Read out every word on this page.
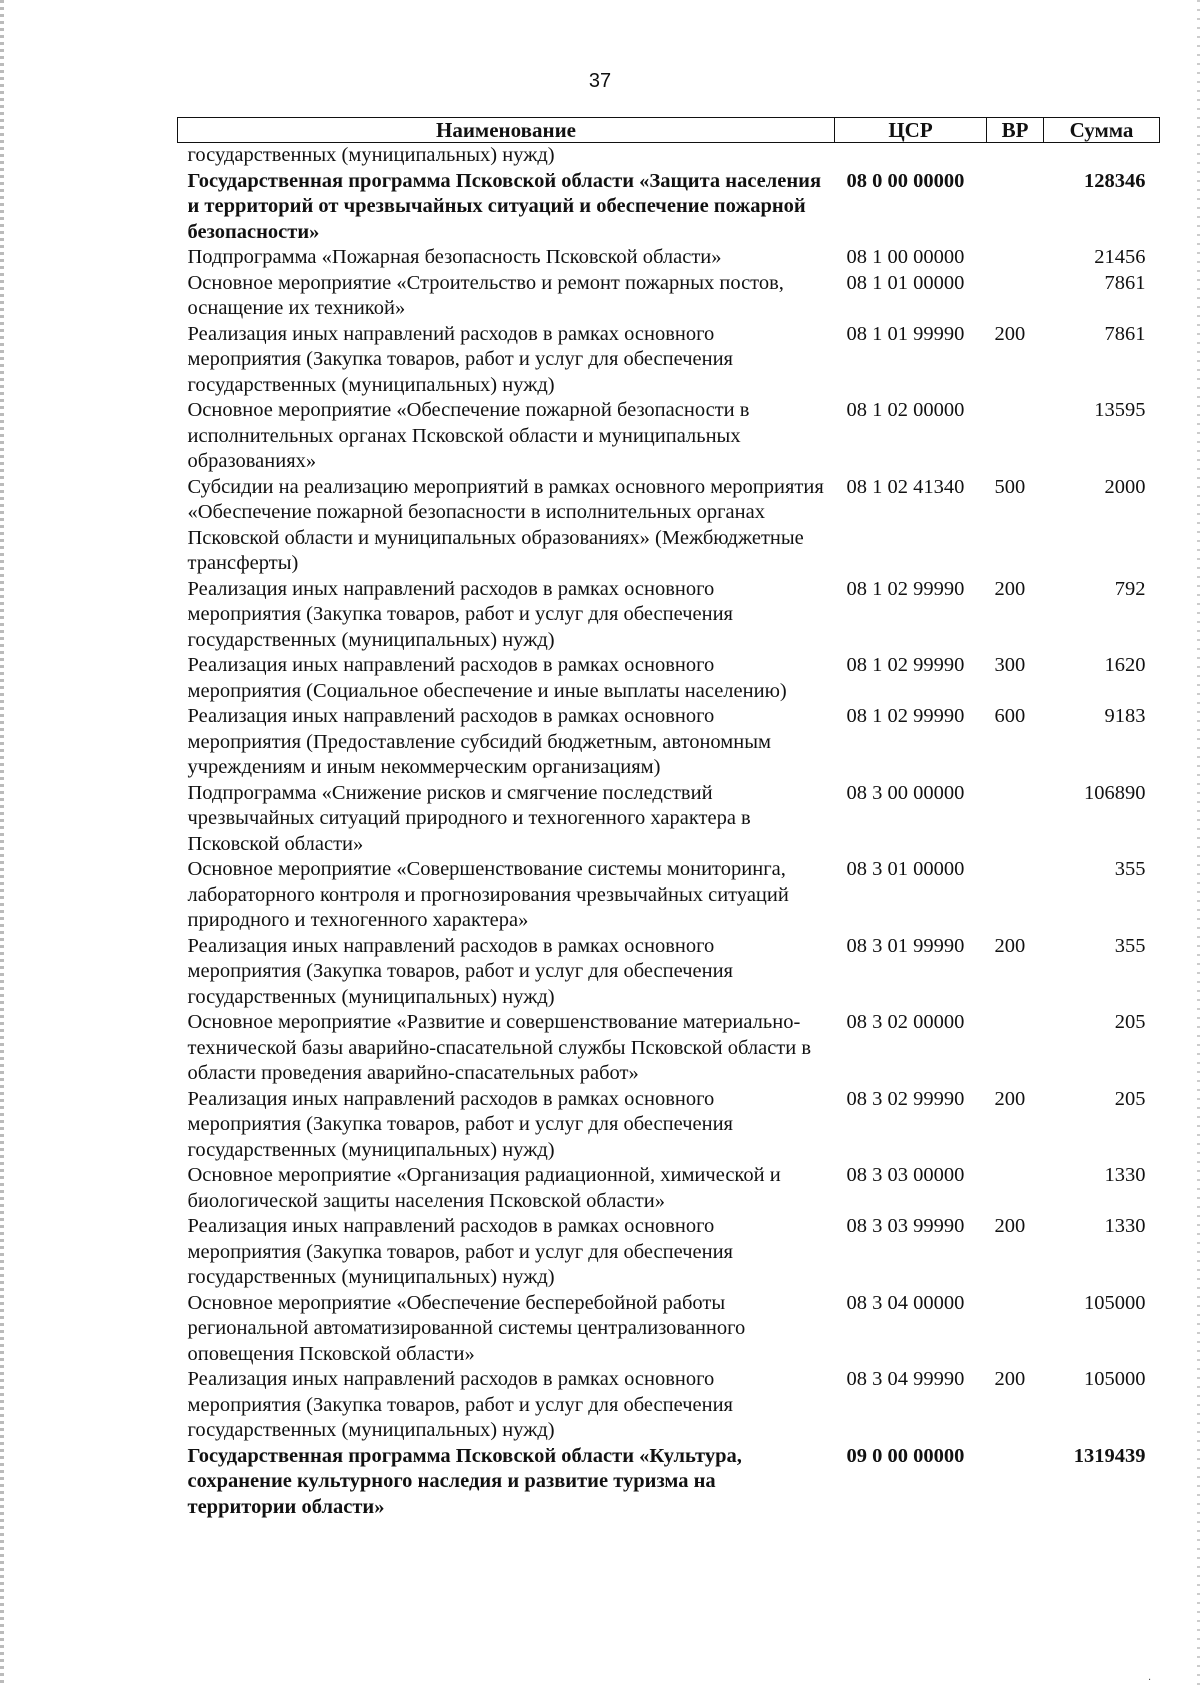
37
Наименование	ЦСР	ВР	Сумма
государственных (муниципальных) нужд)			
Государственная программа Псковской области «Защита населения и территорий от чрезвычайных ситуаций и обеспечение пожарной безопасности»	08 0 00 00000		128346
Подпрограмма «Пожарная безопасность Псковской области»	08 1 00 00000		21456
Основное мероприятие «Строительство и ремонт пожарных постов, оснащение их техникой»	08 1 01 00000		7861
Реализация иных направлений расходов в рамках основного мероприятия (Закупка товаров, работ и услуг для обеспечения государственных (муниципальных) нужд)	08 1 01 99990	200	7861
Основное мероприятие «Обеспечение пожарной безопасности в исполнительных органах Псковской области и муниципальных образованиях»	08 1 02 00000		13595
Субсидии на реализацию мероприятий в рамках основного мероприятия «Обеспечение пожарной безопасности в исполнительных органах Псковской области и муниципальных образованиях» (Межбюджетные трансферты)	08 1 02 41340	500	2000
Реализация иных направлений расходов в рамках основного мероприятия (Закупка товаров, работ и услуг для обеспечения государственных (муниципальных) нужд)	08 1 02 99990	200	792
Реализация иных направлений расходов в рамках основного мероприятия (Социальное обеспечение и иные выплаты населению)	08 1 02 99990	300	1620
Реализация иных направлений расходов в рамках основного мероприятия (Предоставление субсидий бюджетным, автономным учреждениям и иным некоммерческим организациям)	08 1 02 99990	600	9183
Подпрограмма «Снижение рисков и смягчение последствий чрезвычайных ситуаций природного и техногенного характера в Псковской области»	08 3 00 00000		106890
Основное мероприятие «Совершенствование системы мониторинга, лабораторного контроля и прогнозирования чрезвычайных ситуаций природного и техногенного характера»	08 3 01 00000		355
Реализация иных направлений расходов в рамках основного мероприятия (Закупка товаров, работ и услуг для обеспечения государственных (муниципальных) нужд)	08 3 01 99990	200	355
Основное мероприятие «Развитие и совершенствование материально-технической базы аварийно-спасательной службы Псковской области в области проведения аварийно-спасательных работ»	08 3 02 00000		205
Реализация иных направлений расходов в рамках основного мероприятия (Закупка товаров, работ и услуг для обеспечения государственных (муниципальных) нужд)	08 3 02 99990	200	205
Основное мероприятие «Организация радиационной, химической и биологической защиты населения Псковской области»	08 3 03 00000		1330
Реализация иных направлений расходов в рамках основного мероприятия (Закупка товаров, работ и услуг для обеспечения государственных (муниципальных) нужд)	08 3 03 99990	200	1330
Основное мероприятие «Обеспечение бесперебойной работы региональной автоматизированной системы централизованного оповещения Псковской области»	08 3 04 00000		105000
Реализация иных направлений расходов в рамках основного мероприятия (Закупка товаров, работ и услуг для обеспечения государственных (муниципальных) нужд)	08 3 04 99990	200	105000
Государственная программа Псковской области «Культура, сохранение культурного наследия и развитие туризма на территории области»	09 0 00 00000		1319439
.
